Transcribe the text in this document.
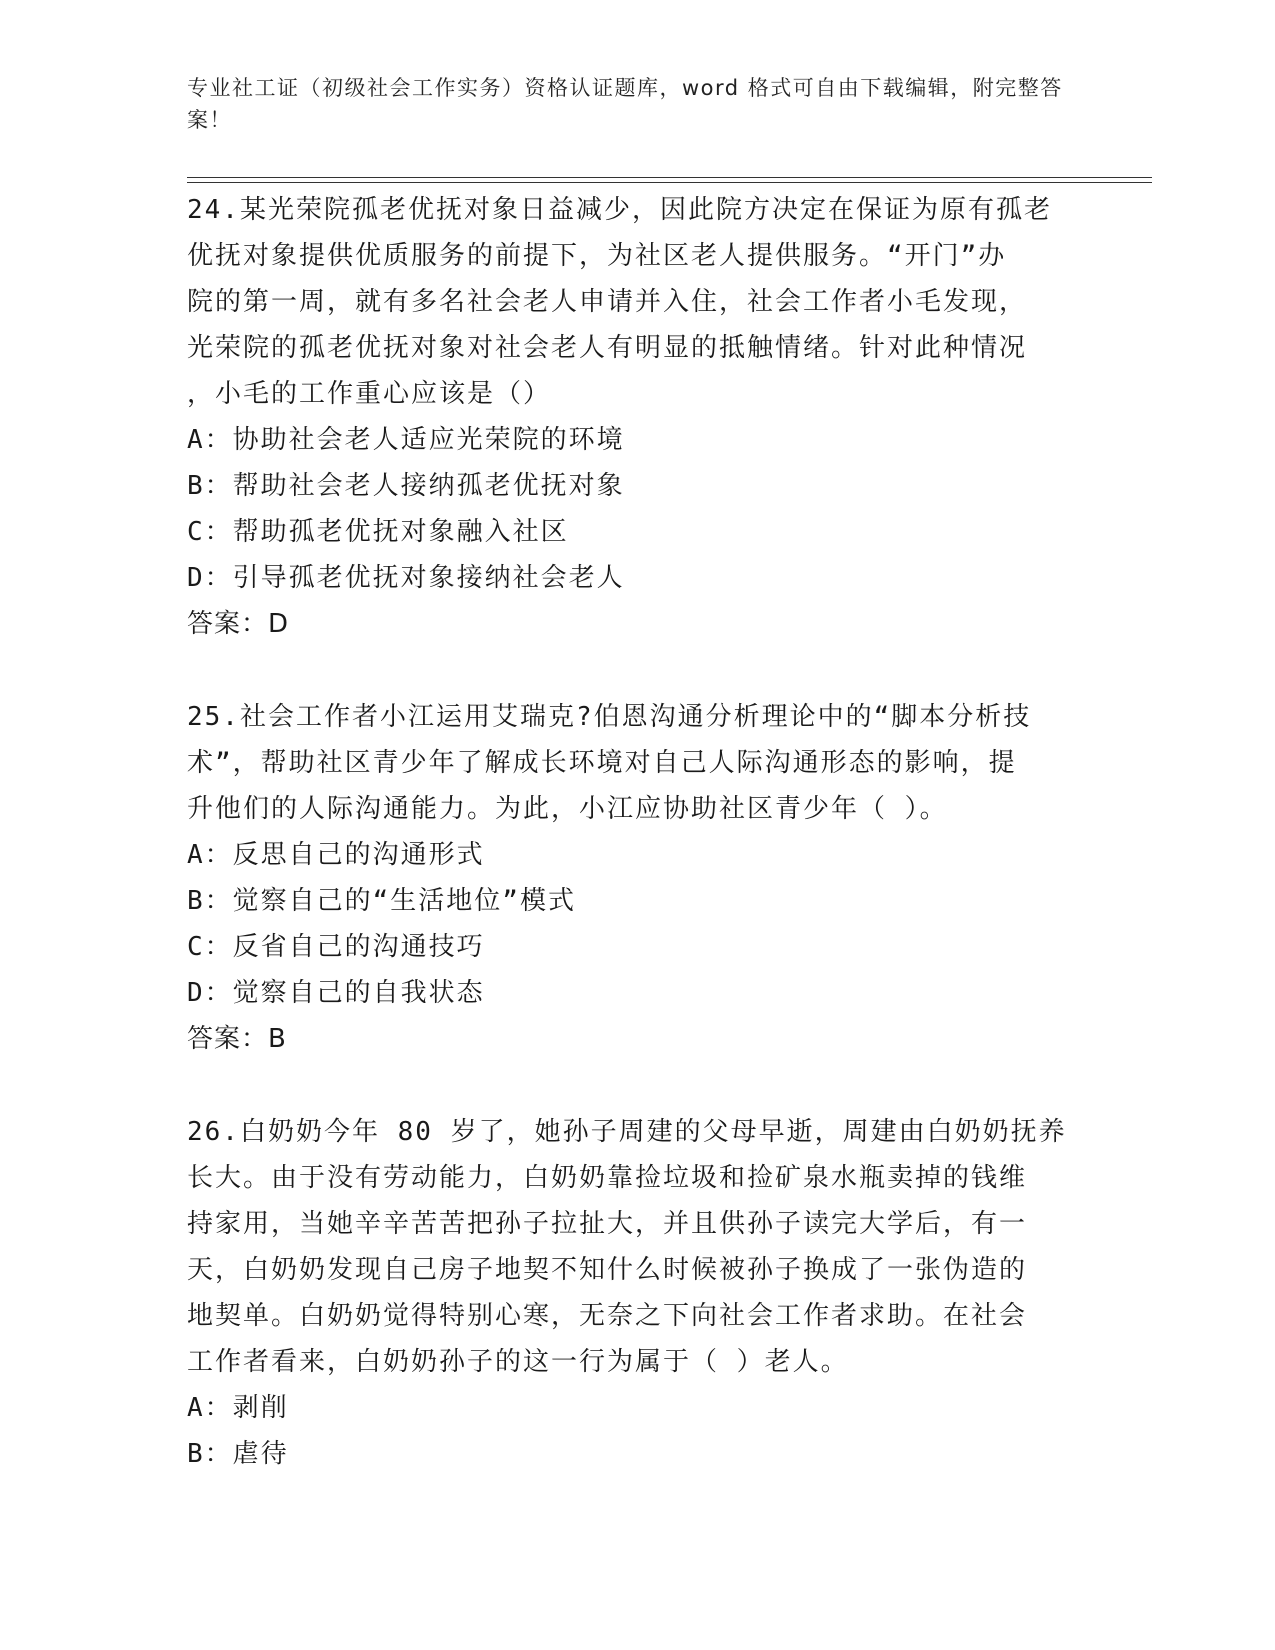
专业社工证（初级社会工作实务）资格认证题库，word 格式可自由下载编辑，附完整答案！

24.某光荣院孤老优抚对象日益减少，因此院方决定在保证为原有孤老

优抚对象提供优质服务的前提下，为社区老人提供服务。“开门”办

院的第一周，就有多名社会老人申请并入住，社会工作者小毛发现，

光荣院的孤老优抚对象对社会老人有明显的抵触情绪。针对此种情况

，小毛的工作重心应该是（）

A：协助社会老人适应光荣院的环境

B：帮助社会老人接纳孤老优抚对象

C：帮助孤老优抚对象融入社区

D：引导孤老优抚对象接纳社会老人

答案：D

25.社会工作者小江运用艾瑞克?伯恩沟通分析理论中的“脚本分析技

术”，帮助社区青少年了解成长环境对自己人际沟通形态的影响，提

升他们的人际沟通能力。为此，小江应协助社区青少年（ ）。

A：反思自己的沟通形式

B：觉察自己的“生活地位”模式

C：反省自己的沟通技巧

D：觉察自己的自我状态

答案：B

26.白奶奶今年 80 岁了，她孙子周建的父母早逝，周建由白奶奶抚养

长大。由于没有劳动能力，白奶奶靠捡垃圾和捡矿泉水瓶卖掉的钱维

持家用，当她辛辛苦苦把孙子拉扯大，并且供孙子读完大学后，有一

天，白奶奶发现自己房子地契不知什么时候被孙子换成了一张伪造的

地契单。白奶奶觉得特别心寒，无奈之下向社会工作者求助。在社会

工作者看来，白奶奶孙子的这一行为属于（ ）老人。

A：剥削

B：虐待
